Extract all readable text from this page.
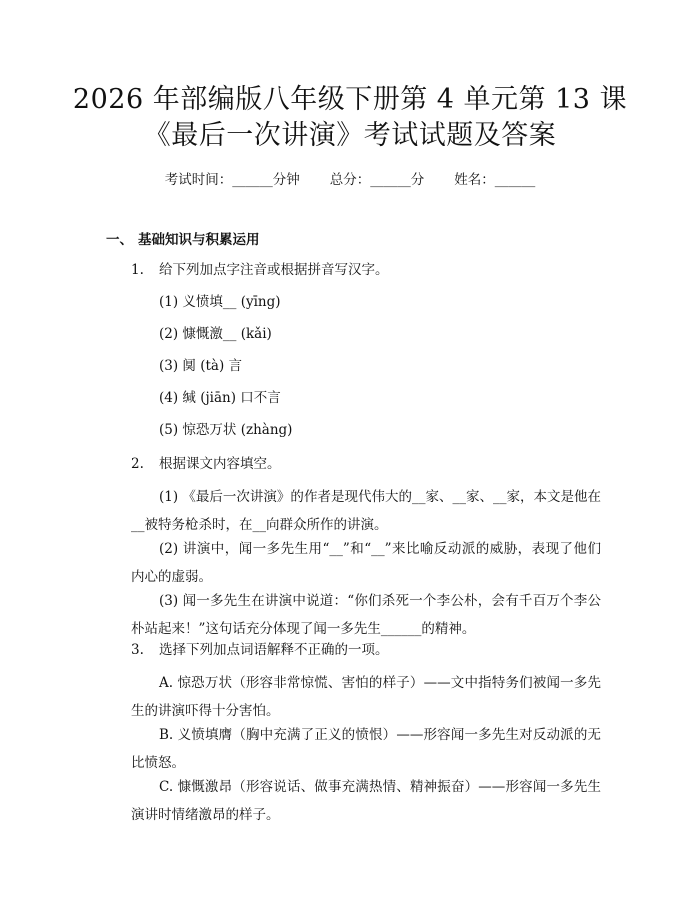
2026 年部编版八年级下册第 4 单元第 13 课
《最后一次讲演》考试试题及答案
考试时间：______分钟 总分：______分 姓名：______
一、 基础知识与积累运用
1. 给下列加点字注音或根据拼音写汉字。
(1) 义愤填__ (yīng)
(2) 慷慨激__ (kǎi)
(3) 阒 (tà) 言
(4) 缄 (jiān) 口不言
(5) 惊恐万状 (zhàng)
2. 根据课文内容填空。
(1) 《最后一次讲演》的作者是现代伟大的__家、__家、__家，本文是他在__被特务枪杀时，在__向群众所作的讲演。
(2) 讲演中，闻一多先生用“__”和“__”来比喻反动派的威胁，表现了他们内心的虚弱。
(3) 闻一多先生在讲演中说道：“你们杀死一个李公朴，会有千百万个李公朴站起来！”这句话充分体现了闻一多先生______的精神。
3. 选择下列加点词语解释不正确的一项。
A. 惊恐万状（形容非常惊慌、害怕的样子）——文中指特务们被闻一多先生的讲演吓得十分害怕。
B. 义愤填膺（胸中充满了正义的愤恨）——形容闻一多先生对反动派的无比愤怒。
C. 慷慨激昂（形容说话、做事充满热情、精神振奋）——形容闻一多先生演讲时情绪激昂的样子。
